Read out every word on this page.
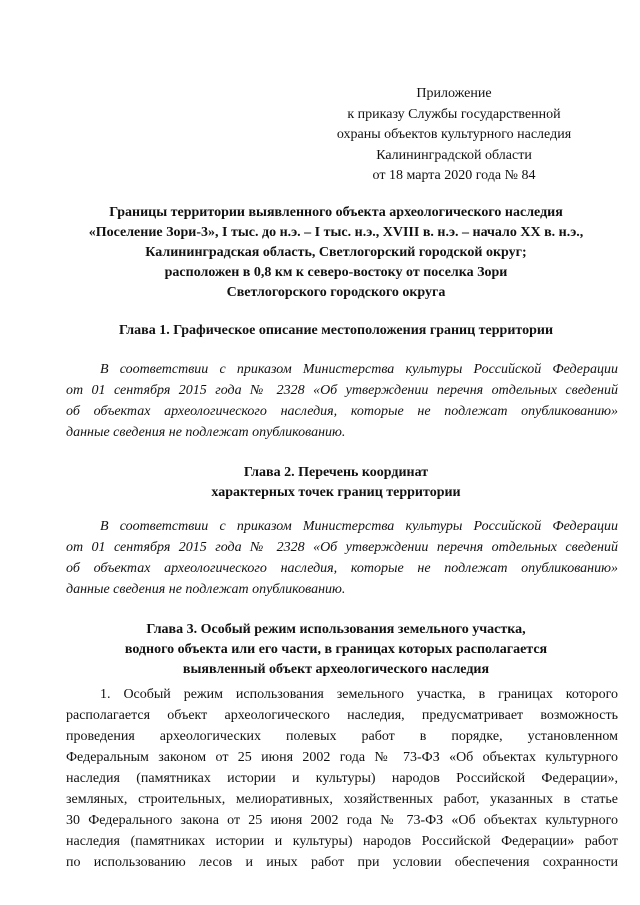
Приложение
к приказу Службы государственной
охраны объектов культурного наследия
Калининградской области
от 18 марта 2020 года № 84
Границы территории выявленного объекта археологического наследия
«Поселение Зори-3», I тыс. до н.э. – I тыс. н.э., XVIII в. н.э. – начало XX в. н.э.,
Калининградская область, Светлогорский городской округ;
расположен в 0,8 км к северо-востоку от поселка Зори
Светлогорского городского округа
Глава 1. Графическое описание местоположения границ территории
В соответствии с приказом Министерства культуры Российской Федерации
от 01 сентября 2015 года № 2328 «Об утверждении перечня отдельных сведений
об объектах археологического наследия, которые не подлежат опубликованию»
данные сведения не подлежат опубликованию.
Глава 2. Перечень координат
характерных точек границ территории
В соответствии с приказом Министерства культуры Российской Федерации
от 01 сентября 2015 года № 2328 «Об утверждении перечня отдельных сведений
об объектах археологического наследия, которые не подлежат опубликованию»
данные сведения не подлежат опубликованию.
Глава 3. Особый режим использования земельного участка,
водного объекта или его части, в границах которых располагается
выявленный объект археологического наследия
1. Особый режим использования земельного участка, в границах которого
располагается объект археологического наследия, предусматривает возможность
проведения археологических полевых работ в порядке, установленном
Федеральным законом от 25 июня 2002 года № 73-ФЗ «Об объектах культурного
наследия (памятниках истории и культуры) народов Российской Федерации»,
земляных, строительных, мелиоративных, хозяйственных работ, указанных в статье
30 Федерального закона от 25 июня 2002 года № 73-ФЗ «Об объектах культурного
наследия (памятниках истории и культуры) народов Российской Федерации» работ
по использованию лесов и иных работ при условии обеспечения сохранности
